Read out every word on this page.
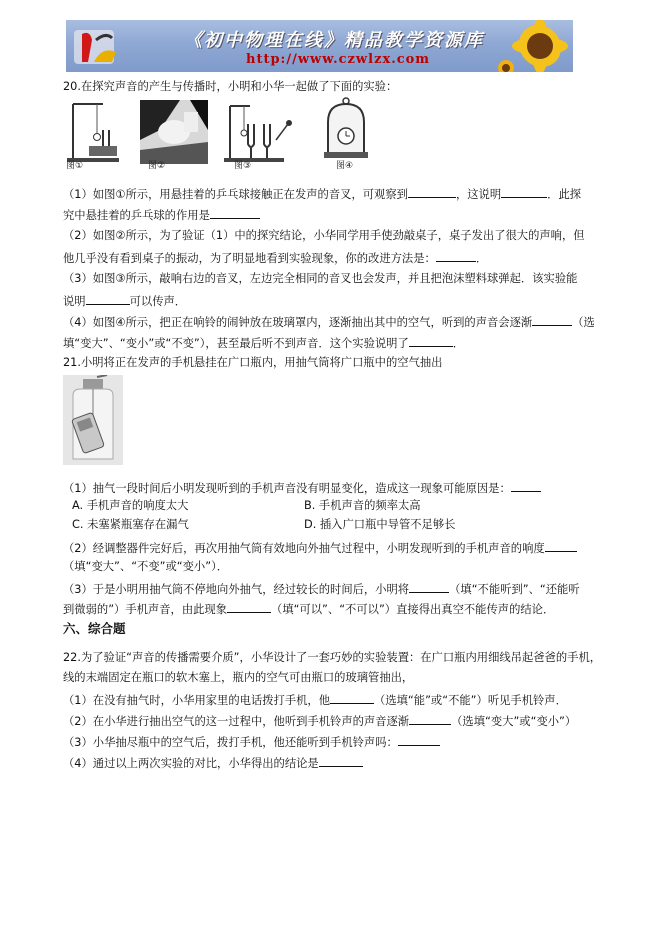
《初中物理在线》精品教学资源库
http://www.czwlzx.com
20.在探究声音的产生与传播时，小明和小华一起做了下面的实验：
图①	图②	图③	图④
（1）如图①所示，用悬挂着的乒乓球接触正在发声的音叉，可观察到	，这说明	．此探
究中悬挂着的乒乓球的作用是
（2）如图②所示，为了验证（1）中的探究结论，小华同学用手使劲敲桌子，桌子发出了很大的声响，但
他几乎没有看到桌子的振动，为了明显地看到实验现象，你的改进方法是：	．
（3）如图③所示，敲响右边的音叉，左边完全相同的音叉也会发声，并且把泡沫塑料球弹起．该实验能
说明	可以传声．
（4）如图④所示，把正在响铃的闹钟放在玻璃罩内，逐渐抽出其中的空气，听到的声音会逐渐	（选
填“变大”、“变小”或“不变”），甚至最后听不到声音．这个实验说明了	．
21.小明将正在发声的手机悬挂在广口瓶内，用抽气筒将广口瓶中的空气抽出
（1）抽气一段时间后小明发现听到的手机声音没有明显变化，造成这一现象可能原因是：
A. 手机声音的响度太大	B. 手机声音的频率太高
C. 未塞紧瓶塞存在漏气	D. 插入广口瓶中导管不足够长
（2）经调整器件完好后，再次用抽气筒有效地向外抽气过程中，小明发现听到的手机声音的响度
（填“变大”、“不变”或“变小”）．
（3）于是小明用抽气筒不停地向外抽气，经过较长的时间后，小明将	（填“不能听到”、“还能听
到微弱的”）手机声音，由此现象	（填“可以”、“不可以”）直接得出真空不能传声的结论．
六、综合题
22.为了验证“声音的传播需要介质”，小华设计了一套巧妙的实验装置：在广口瓶内用细线吊起爸爸的手机，
线的末端固定在瓶口的软木塞上，瓶内的空气可由瓶口的玻璃管抽出，
（1）在没有抽气时，小华用家里的电话拨打手机，他	（选填“能”或“不能”）听见手机铃声．
（2）在小华进行抽出空气的这一过程中，他听到手机铃声的声音逐渐	（选填“变大”或“变小”）
（3）小华抽尽瓶中的空气后，拨打手机，他还能听到手机铃声吗：
（4）通过以上两次实验的对比，小华得出的结论是
